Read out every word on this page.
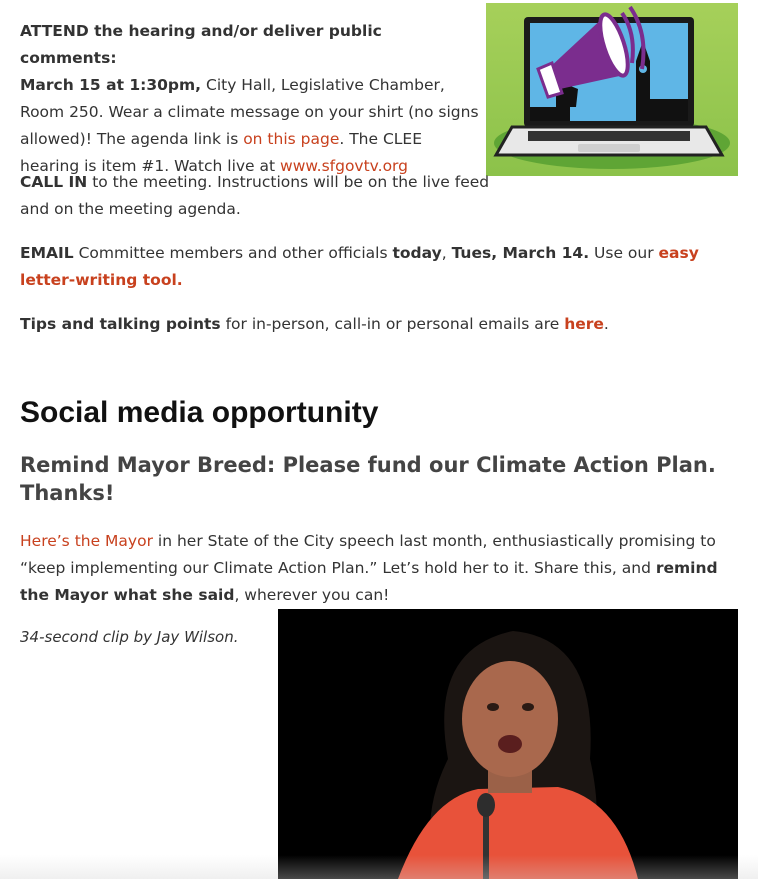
ATTEND the hearing and/or deliver public comments:
March 15 at 1:30pm, City Hall, Legislative Chamber, Room 250. Wear a climate message on your shirt (no signs allowed)! The agenda link is on this page. The CLEE hearing is item #1. Watch live at www.sfgovtv.org

CALL IN to the meeting. Instructions will be on the live feed and on the meeting agenda.

EMAIL Committee members and other officials today, Tues, March 14. Use our easy letter-writing tool.

Tips and talking points for in-person, call-in or personal emails are here.

Social media opportunity
Remind Mayor Breed: Please fund our Climate Action Plan. Thanks!

Here’s the Mayor in her State of the City speech last month, enthusiastically promising to “keep implementing our Climate Action Plan.” Let’s hold her to it. Share this, and remind the Mayor what she said, wherever you can!

34-second clip by Jay Wilson.
